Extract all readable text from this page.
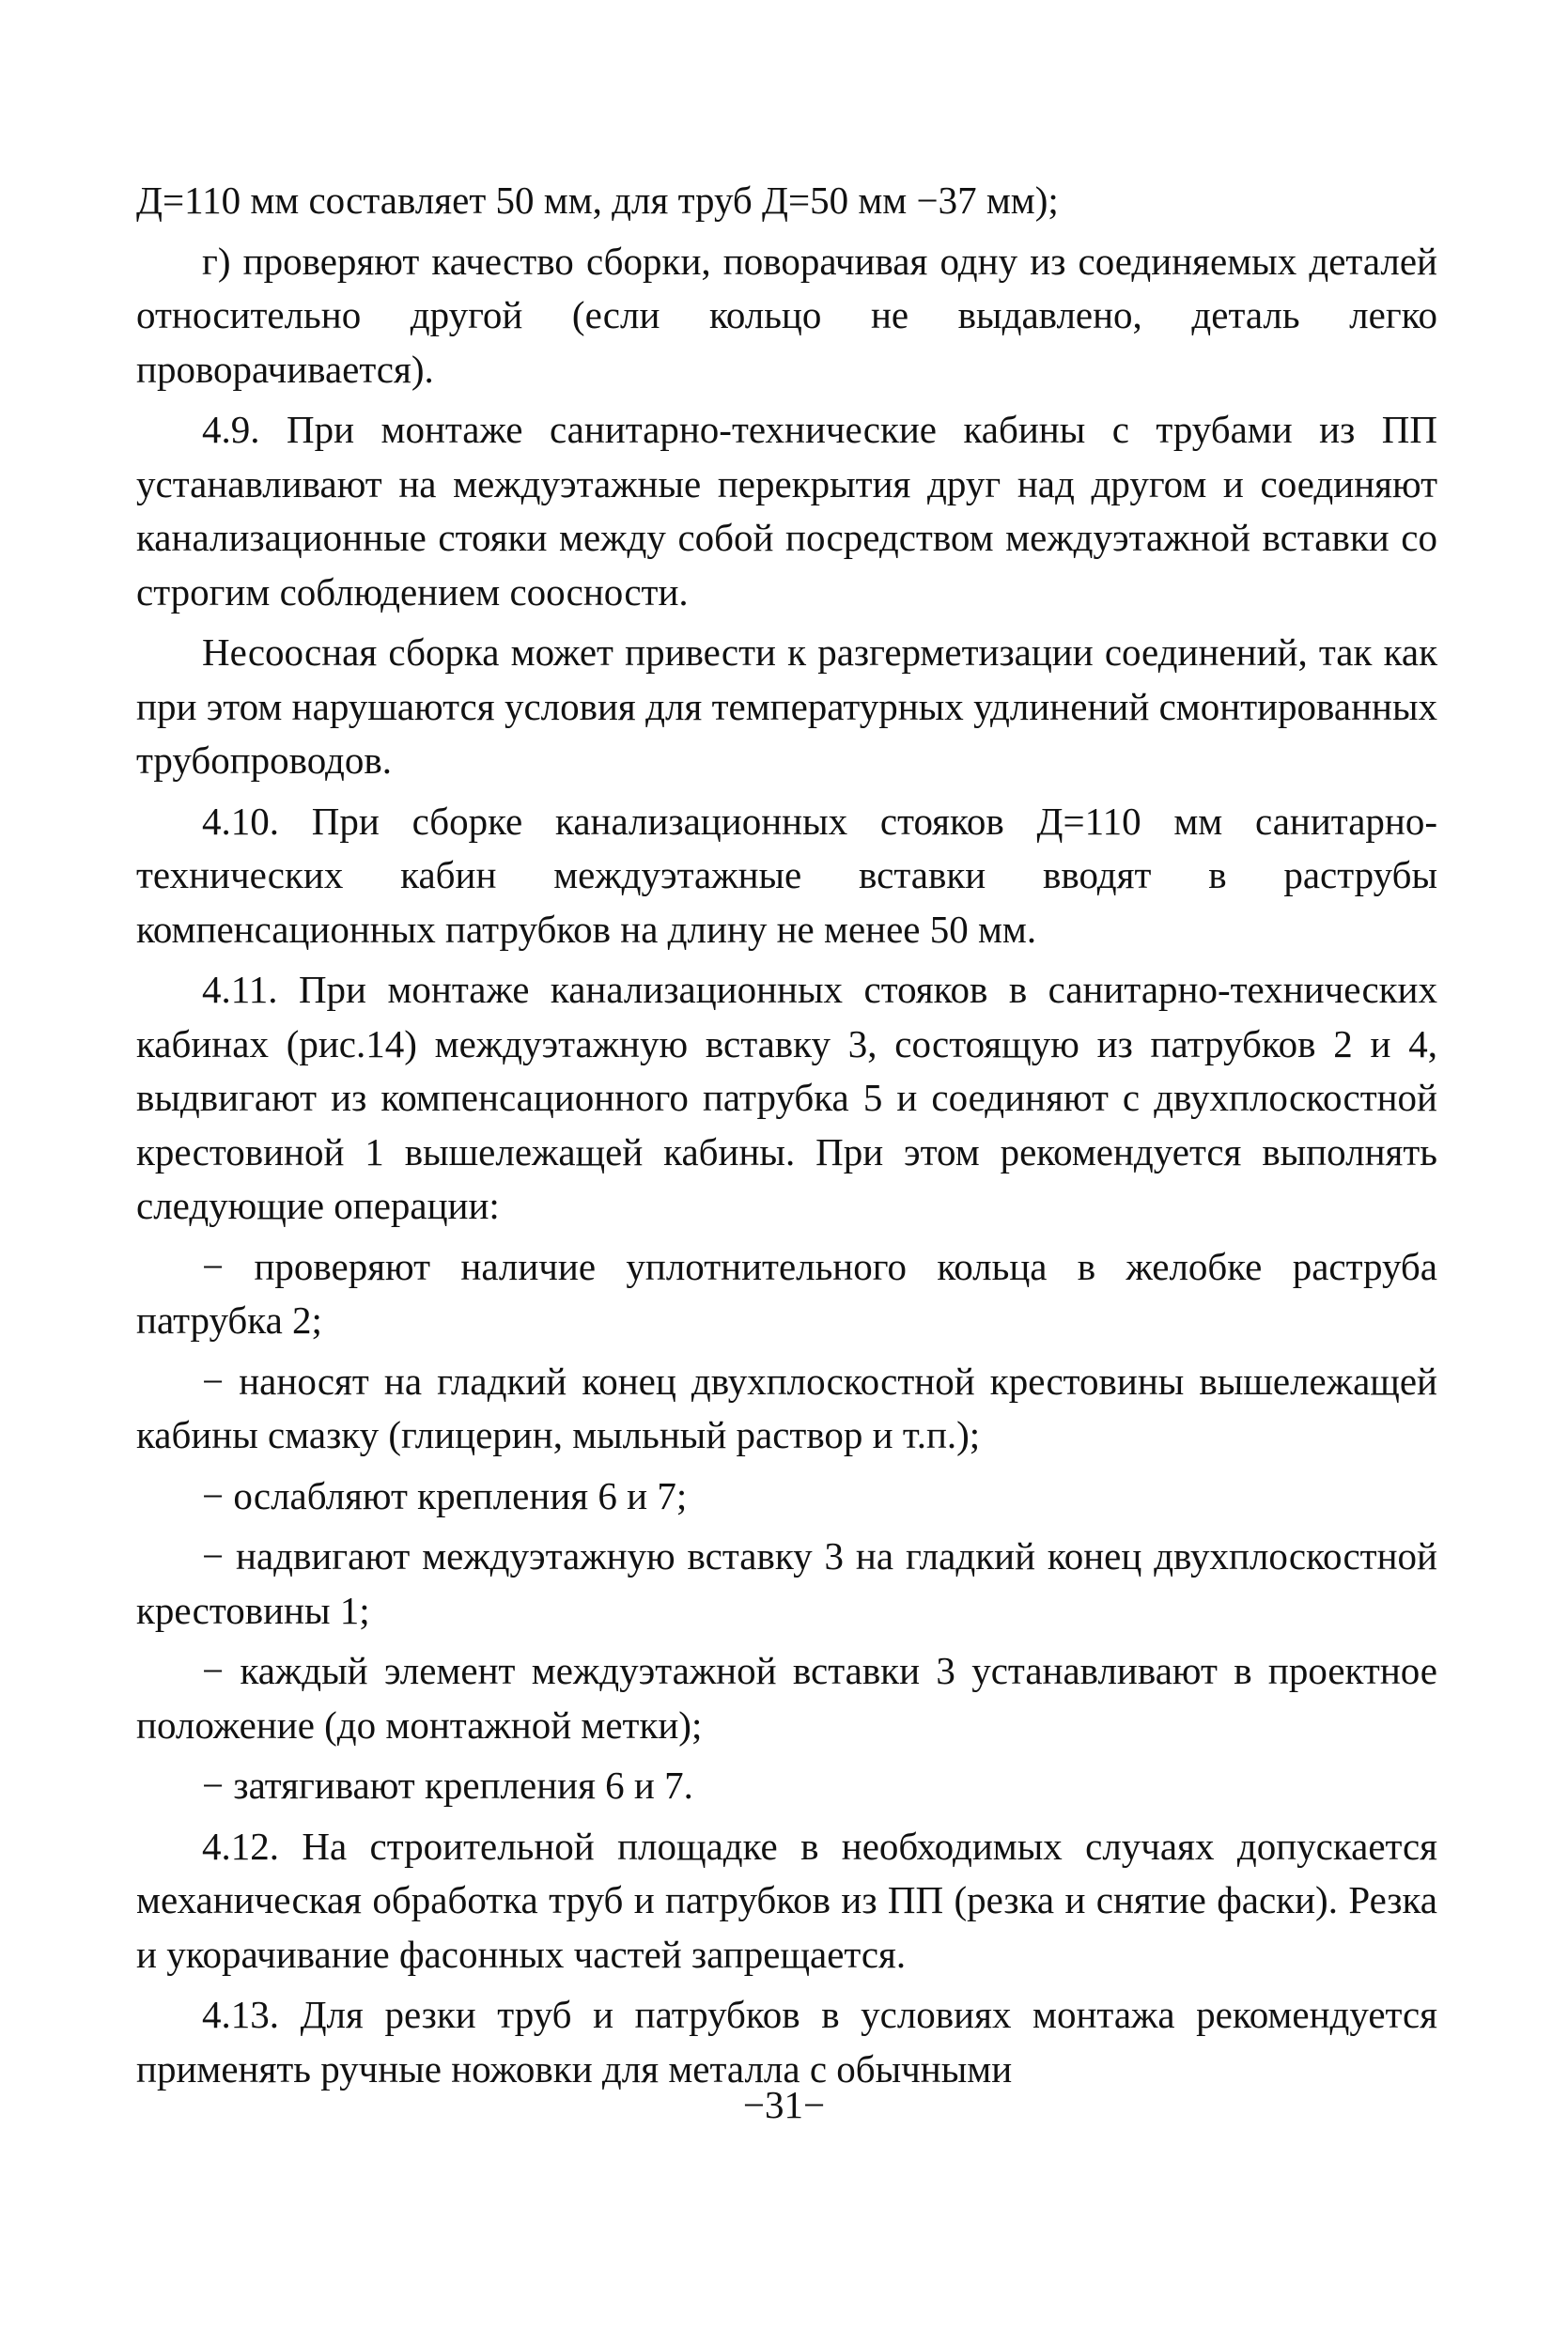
Д=110 мм составляет 50 мм, для труб Д=50 мм −37 мм);

г) проверяют качество сборки, поворачивая одну из соединяемых деталей относительно другой (если кольцо не выдавлено, деталь легко проворачивается).

4.9. При монтаже санитарно-технические кабины с трубами из ПП устанавливают на междуэтажные перекрытия друг над другом и соединяют канализационные стояки между собой посредством междуэтажной вставки со строгим соблюдением соосности.

Несоосная сборка может привести к разгерметизации соединений, так как при этом нарушаются условия для температурных удлинений смонтированных трубопроводов.

4.10. При сборке канализационных стояков Д=110 мм санитарно-технических кабин междуэтажные вставки вводят в раструбы компенсационных патрубков на длину не менее 50 мм.

4.11. При монтаже канализационных стояков в санитарно-технических кабинах (рис.14) междуэтажную вставку 3, состоящую из патрубков 2 и 4, выдвигают из компенсационного патрубка 5 и соединяют с двухплоскостной крестовиной 1 вышележащей кабины. При этом рекомендуется выполнять следующие операции:

− проверяют наличие уплотнительного кольца в желобке раструба патрубка 2;

− наносят на гладкий конец двухплоскостной крестовины вышележащей кабины смазку (глицерин, мыльный раствор и т.п.);

− ослабляют крепления 6 и 7;

− надвигают междуэтажную вставку 3 на гладкий конец двухплоскостной крестовины 1;

− каждый элемент междуэтажной вставки 3 устанавливают в проектное положение (до монтажной метки);

− затягивают крепления 6 и 7.

4.12. На строительной площадке в необходимых случаях допускается механическая обработка труб и патрубков из ПП (резка и снятие фаски). Резка и укорачивание фасонных частей запрещается.

4.13. Для резки труб и патрубков в условиях монтажа рекомендуется применять ручные ножовки для металла с обычными

−31−
